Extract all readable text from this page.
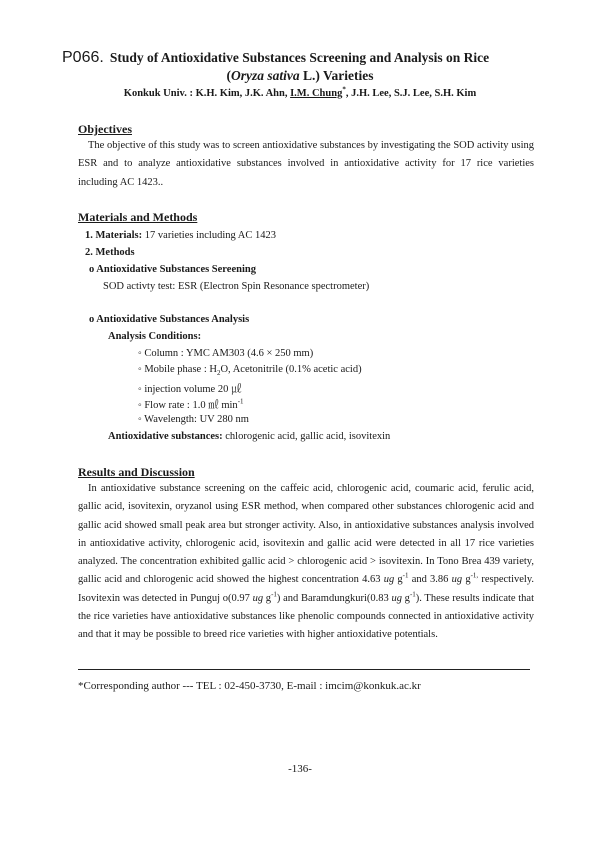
P066. Study of Antioxidative Substances Screening and Analysis on Rice
(Oryza sativa L.) Varieties
Konkuk Univ. : K.H. Kim, J.K. Ahn, I.M. Chung*, J.H. Lee, S.J. Lee, S.H. Kim
Objectives
The objective of this study was to screen antioxidative substances by investigating the SOD activity using ESR and to analyze antioxidative substances involved in antioxidative activity for 17 rice varieties including AC 1423..
Materials and Methods
1. Materials: 17 varieties including AC 1423
2. Methods
o Antioxidative Substances Sereening
SOD activty test: ESR (Electron Spin Resonance spectrometer)
o Antioxidative Substances Analysis
Analysis Conditions:
◦ Column : YMC AM303 (4.6 × 250 mm)
◦ Mobile phase : $H_2O$, Acetonitrile (0.1% acetic acid)
◦ injection volume 20 ㎕
◦ Flow rate : 1.0 ㎖ $\min^{-1}$
◦ Wavelength: UV 280 nm
Antioxidative substances: chlorogenic acid, gallic acid, isovitexin
Results and Discussion
In antioxidative substance screening on the caffeic acid, chlorogenic acid, coumaric acid, ferulic acid, gallic acid, isovitexin, oryzanol using ESR method, when compared other substances chlorogenic acid and gallic acid showed small peak area but stronger activity. Also, in antioxidative substances analysis involved in antioxidative activity, chlorogenic acid, isovitexin and gallic acid were detected in all 17 rice varieties analyzed. The concentration exhibited gallic acid > chlorogenic acid > isovitexin. In Tono Brea 439 variety, gallic acid and chlorogenic acid showed the highest concentration 4.63 ug $g^{-1}$ and 3.86 ug $g^{-1,}$ respectively. Isovitexin was detected in Punguj o(0.97 ug $g^{-1}$) and Baramdungkuri(0.83 ug $g^{-1}$). These results indicate that the rice varieties have antioxidative substances like phenolic compounds connected in antioxidative activity and that it may be possible to breed rice varieties with higher antioxidative potentials.
*Corresponding author --- TEL : 02-450-3730, E-mail : imcim@konkuk.ac.kr
-136-
